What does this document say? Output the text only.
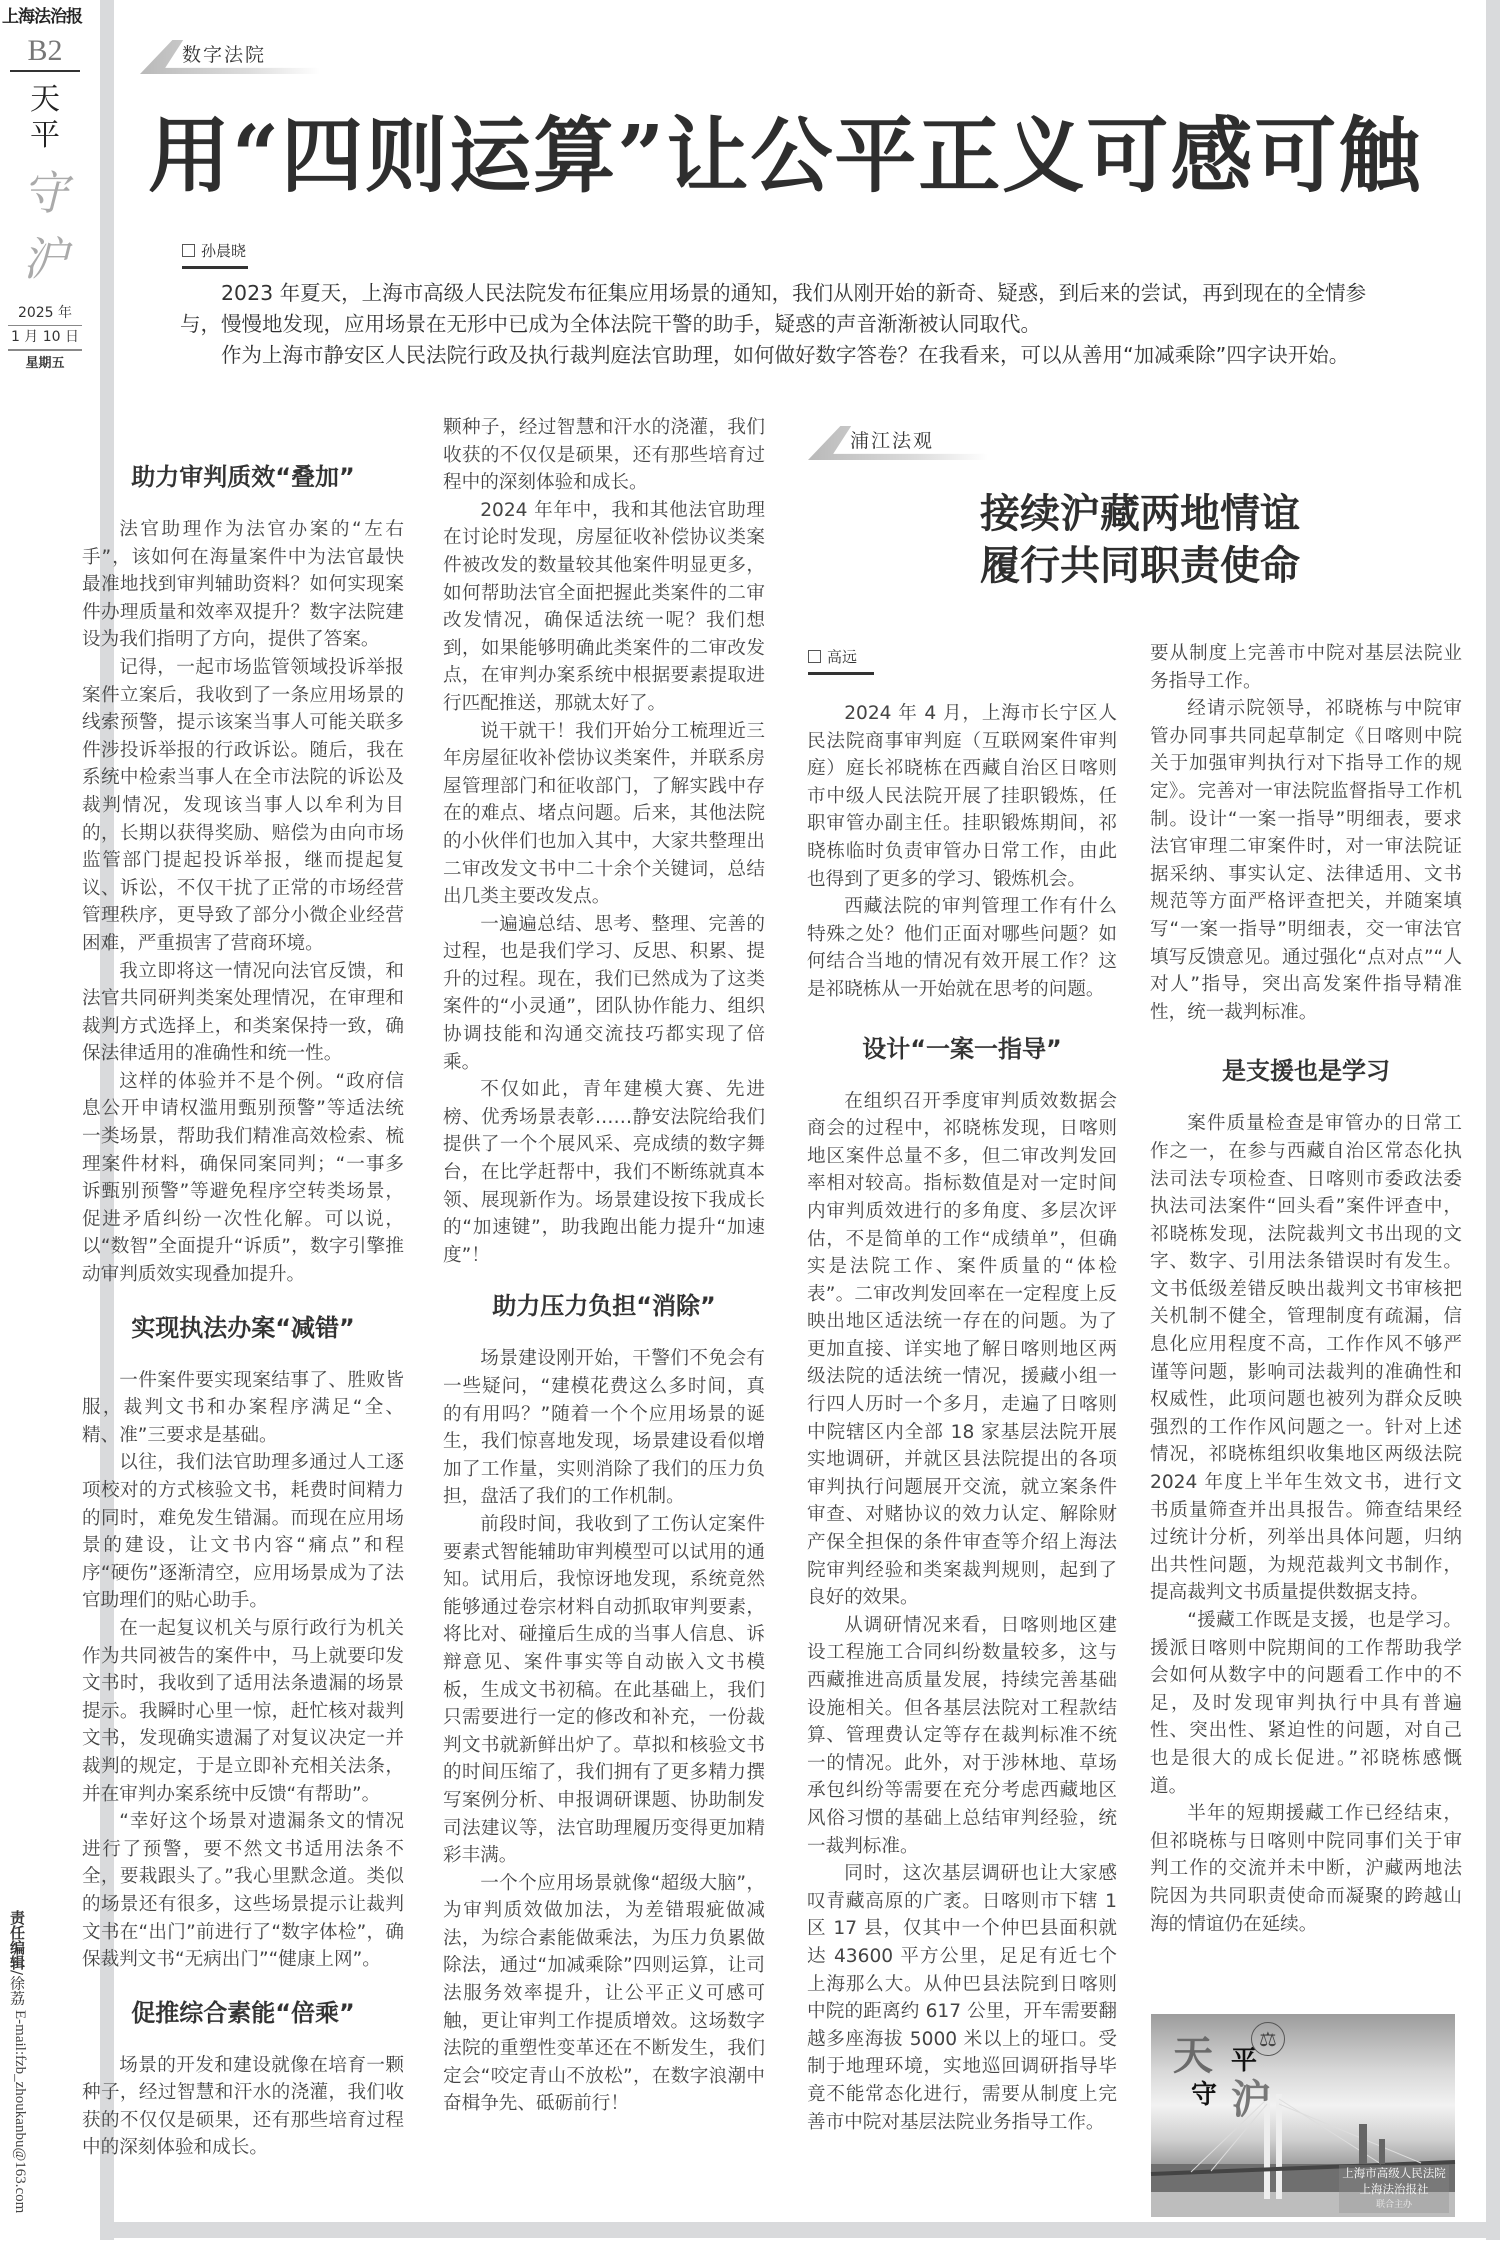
上海法治报
B2
天
平
守
沪
2025 年
1 月 10 日
星期五
责任编辑/徐荔
E-mail:fzb_zhoukanbu@163.com
数字法院
用“四则运算”让公平正义可感可触
孙晨晓

2023 年夏天，上海市高级人民法院发布征集应用场景的通知，我们从刚开始的新奇、疑惑，到后来的尝试，再到现在的全情参与，慢慢地发现，应用场景在无形中已成为全体法院干警的助手，疑惑的声音渐渐被认同取代。

作为上海市静安区人民法院行政及执行裁判庭法官助理，如何做好数字答卷？在我看来，可以从善用“加减乘除”四字诀开始。

助力审判质效“叠加”

法官助理作为法官办案的“左右手”，该如何在海量案件中为法官最快最准地找到审判辅助资料？如何实现案件办理质量和效率双提升？数字法院建设为我们指明了方向，提供了答案。

记得，一起市场监管领域投诉举报案件立案后，我收到了一条应用场景的线索预警，提示该案当事人可能关联多件涉投诉举报的行政诉讼。随后，我在系统中检索当事人在全市法院的诉讼及裁判情况，发现该当事人以牟利为目的，长期以获得奖励、赔偿为由向市场监管部门提起投诉举报，继而提起复议、诉讼，不仅干扰了正常的市场经营管理秩序，更导致了部分小微企业经营困难，严重损害了营商环境。

我立即将这一情况向法官反馈，和法官共同研判类案处理情况，在审理和裁判方式选择上，和类案保持一致，确保法律适用的准确性和统一性。

这样的体验并不是个例。“政府信息公开申请权滥用甄别预警”等适法统一类场景，帮助我们精准高效检索、梳理案件材料，确保同案同判；“一事多诉甄别预警”等避免程序空转类场景，促进矛盾纠纷一次性化解。可以说，以“数智”全面提升“诉质”，数字引擎推动审判质效实现叠加提升。

实现执法办案“减错”

一件案件要实现案结事了、胜败皆服，裁判文书和办案程序满足“全、精、准”三要求是基础。

以往，我们法官助理多通过人工逐项校对的方式核验文书，耗费时间精力的同时，难免发生错漏。而现在应用场景的建设，让文书内容“痛点”和程序“硬伤”逐渐清空，应用场景成为了法官助理们的贴心助手。

在一起复议机关与原行政行为机关作为共同被告的案件中，马上就要印发文书时，我收到了适用法条遗漏的场景提示。我瞬时心里一惊，赶忙核对裁判文书，发现确实遗漏了对复议决定一并裁判的规定，于是立即补充相关法条，并在审判办案系统中反馈“有帮助”。

“幸好这个场景对遗漏条文的情况进行了预警，要不然文书适用法条不全，要栽跟头了。”我心里默念道。类似的场景还有很多，这些场景提示让裁判文书在“出门”前进行了“数字体检”，确保裁判文书“无病出门”“健康上网”。

促推综合素能“倍乘”

场景的开发和建设就像在培育一颗种子，经过智慧和汗水的浇灌，我们收获的不仅仅是硕果，还有那些培育过程中的深刻体验和成长。

颗种子，经过智慧和汗水的浇灌，我们收获的不仅仅是硕果，还有那些培育过程中的深刻体验和成长。

2024 年年中，我和其他法官助理在讨论时发现，房屋征收补偿协议类案件被改发的数量较其他案件明显更多，如何帮助法官全面把握此类案件的二审改发情况，确保适法统一呢？我们想到，如果能够明确此类案件的二审改发点，在审判办案系统中根据要素提取进行匹配推送，那就太好了。

说干就干！我们开始分工梳理近三年房屋征收补偿协议类案件，并联系房屋管理部门和征收部门，了解实践中存在的难点、堵点问题。后来，其他法院的小伙伴们也加入其中，大家共整理出二审改发文书中二十余个关键词，总结出几类主要改发点。

一遍遍总结、思考、整理、完善的过程，也是我们学习、反思、积累、提升的过程。现在，我们已然成为了这类案件的“小灵通”，团队协作能力、组织协调技能和沟通交流技巧都实现了倍乘。

不仅如此，青年建模大赛、先进榜、优秀场景表彰……静安法院给我们提供了一个个展风采、亮成绩的数字舞台，在比学赶帮中，我们不断练就真本领、展现新作为。场景建设按下我成长的“加速键”，助我跑出能力提升“加速度”！

助力压力负担“消除”

场景建设刚开始，干警们不免会有一些疑问，“建模花费这么多时间，真的有用吗？”随着一个个应用场景的诞生，我们惊喜地发现，场景建设看似增加了工作量，实则消除了我们的压力负担，盘活了我们的工作机制。

前段时间，我收到了工伤认定案件要素式智能辅助审判模型可以试用的通知。试用后，我惊讶地发现，系统竟然能够通过卷宗材料自动抓取审判要素，将比对、碰撞后生成的当事人信息、诉辩意见、案件事实等自动嵌入文书模板，生成文书初稿。在此基础上，我们只需要进行一定的修改和补充，一份裁判文书就新鲜出炉了。草拟和核验文书的时间压缩了，我们拥有了更多精力撰写案例分析、申报调研课题、协助制发司法建议等，法官助理履历变得更加精彩丰满。

一个个应用场景就像“超级大脑”，为审判质效做加法，为差错瑕疵做减法，为综合素能做乘法，为压力负累做除法，通过“加减乘除”四则运算，让司法服务效率提升，让公平正义可感可触，更让审判工作提质增效。这场数字法院的重塑性变革还在不断发生，我们定会“咬定青山不放松”，在数字浪潮中奋楫争先、砥砺前行！

浦江法观
接续沪藏两地情谊
履行共同职责使命
高远

2024 年 4 月，上海市长宁区人民法院商事审判庭（互联网案件审判庭）庭长祁晓栋在西藏自治区日喀则市中级人民法院开展了挂职锻炼，任职审管办副主任。挂职锻炼期间，祁晓栋临时负责审管办日常工作，由此也得到了更多的学习、锻炼机会。

西藏法院的审判管理工作有什么特殊之处？他们正面对哪些问题？如何结合当地的情况有效开展工作？这是祁晓栋从一开始就在思考的问题。

设计“一案一指导”

在组织召开季度审判质效数据会商会的过程中，祁晓栋发现，日喀则地区案件总量不多，但二审改判发回率相对较高。指标数值是对一定时间内审判质效进行的多角度、多层次评估，不是简单的工作“成绩单”，但确实是法院工作、案件质量的“体检表”。二审改判发回率在一定程度上反映出地区适法统一存在的问题。为了更加直接、详实地了解日喀则地区两级法院的适法统一情况，援藏小组一行四人历时一个多月，走遍了日喀则中院辖区内全部 18 家基层法院开展实地调研，并就区县法院提出的各项审判执行问题展开交流，就立案条件审查、对赌协议的效力认定、解除财产保全担保的条件审查等介绍上海法院审判经验和类案裁判规则，起到了良好的效果。

从调研情况来看，日喀则地区建设工程施工合同纠纷数量较多，这与西藏推进高质量发展，持续完善基础设施相关。但各基层法院对工程款结算、管理费认定等存在裁判标准不统一的情况。此外，对于涉林地、草场承包纠纷等需要在充分考虑西藏地区风俗习惯的基础上总结审判经验，统一裁判标准。

同时，这次基层调研也让大家感叹青藏高原的广袤。日喀则市下辖 1 区 17 县，仅其中一个仲巴县面积就达 43600 平方公里，足足有近七个上海那么大。从仲巴县法院到日喀则中院的距离约 617 公里，开车需要翻越多座海拔 5000 米以上的垭口。受制于地理环境，实地巡回调研指导毕竟不能常态化进行，需要从制度上完善市中院对基层法院业务指导工作。

要从制度上完善市中院对基层法院业务指导工作。

经请示院领导，祁晓栋与中院审管办同事共同起草制定《日喀则中院关于加强审判执行对下指导工作的规定》。完善对一审法院监督指导工作机制。设计“一案一指导”明细表，要求法官审理二审案件时，对一审法院证据采纳、事实认定、法律适用、文书规范等方面严格评查把关，并随案填写“一案一指导”明细表，交一审法官填写反馈意见。通过强化“点对点”“人对人”指导，突出高发案件指导精准性，统一裁判标准。

是支援也是学习

案件质量检查是审管办的日常工作之一，在参与西藏自治区常态化执法司法专项检查、日喀则市委政法委执法司法案件“回头看”案件评查中，祁晓栋发现，法院裁判文书出现的文字、数字、引用法条错误时有发生。文书低级差错反映出裁判文书审核把关机制不健全，管理制度有疏漏，信息化应用程度不高，工作作风不够严谨等问题，影响司法裁判的准确性和权威性，此项问题也被列为群众反映强烈的工作作风问题之一。针对上述情况，祁晓栋组织收集地区两级法院 2024 年度上半年生效文书，进行文书质量筛查并出具报告。筛查结果经过统计分析，列举出具体问题，归纳出共性问题，为规范裁判文书制作，提高裁判文书质量提供数据支持。

“援藏工作既是支援，也是学习。援派日喀则中院期间的工作帮助我学会如何从数字中的问题看工作中的不足，及时发现审判执行中具有普遍性、突出性、紧迫性的问题，对自己也是很大的成长促进。”祁晓栋感慨道。

半年的短期援藏工作已经结束，但祁晓栋与日喀则中院同事们关于审判工作的交流并未中断，沪藏两地法院因为共同职责使命而凝聚的跨越山海的情谊仍在延续。

天 平
守 沪
⚖
上海市高级人民法院
上海法治报社
联合主办
